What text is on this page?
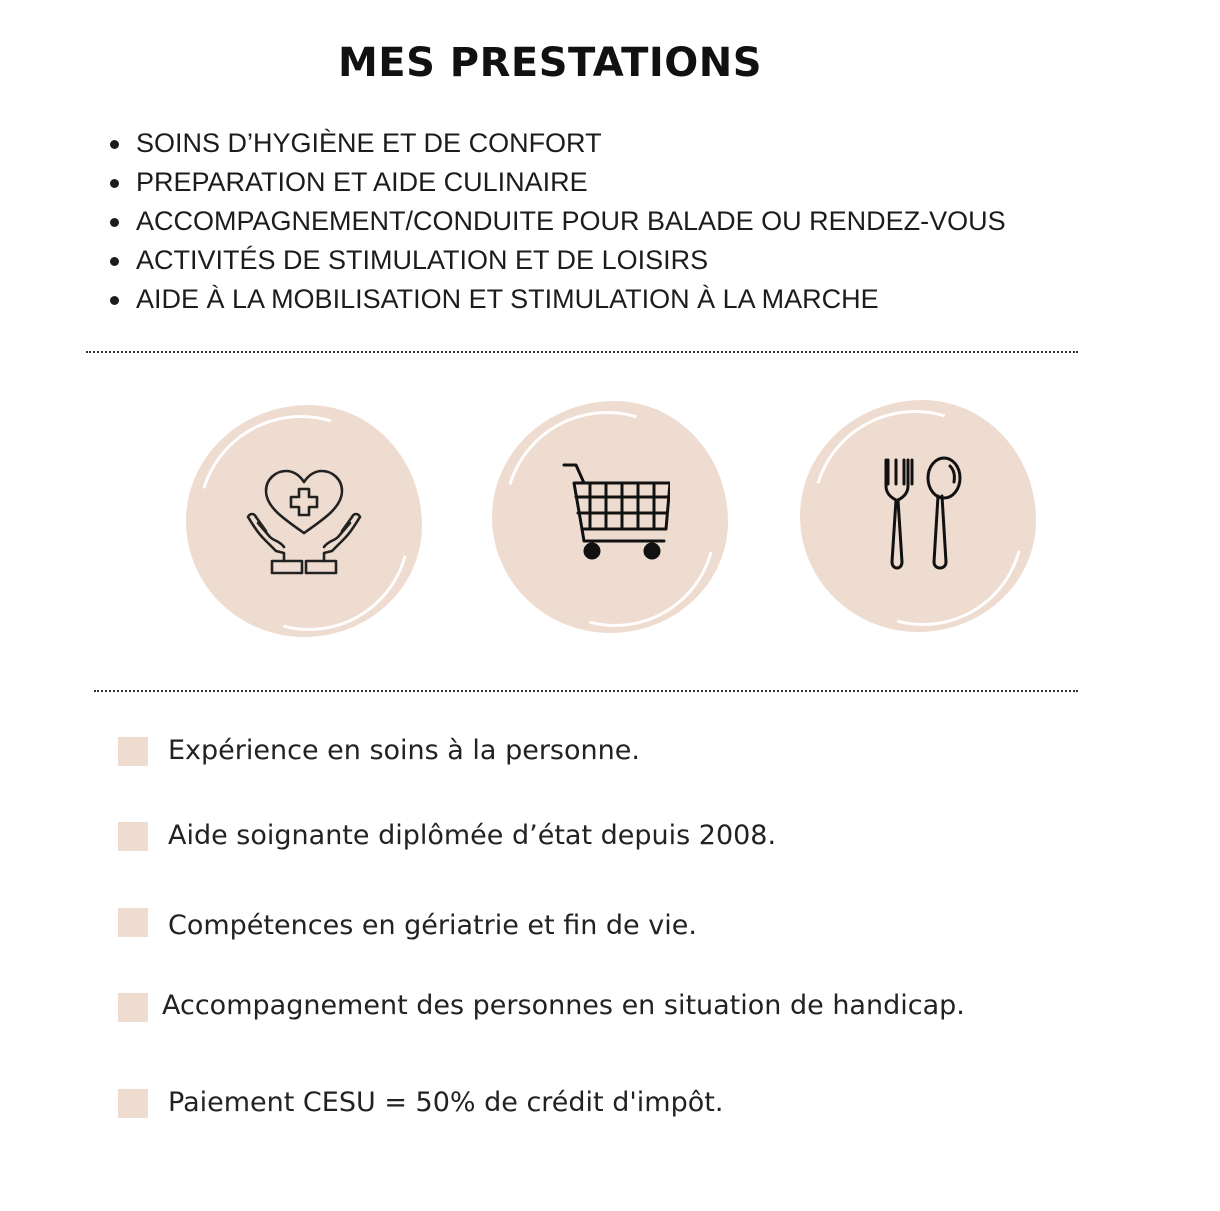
MES PRESTATIONS
SOINS D’HYGIÈNE ET DE CONFORT
PREPARATION ET AIDE CULINAIRE
ACCOMPAGNEMENT/CONDUITE POUR BALADE OU RENDEZ-VOUS
ACTIVITÉS DE STIMULATION ET DE LOISIRS
AIDE À LA MOBILISATION ET STIMULATION À LA MARCHE
Expérience en soins à la personne.
Aide soignante diplômée d’état depuis 2008.
Compétences en gériatrie et fin de vie.
Accompagnement des personnes en situation de handicap.
Paiement CESU = 50% de crédit d'impôt.
